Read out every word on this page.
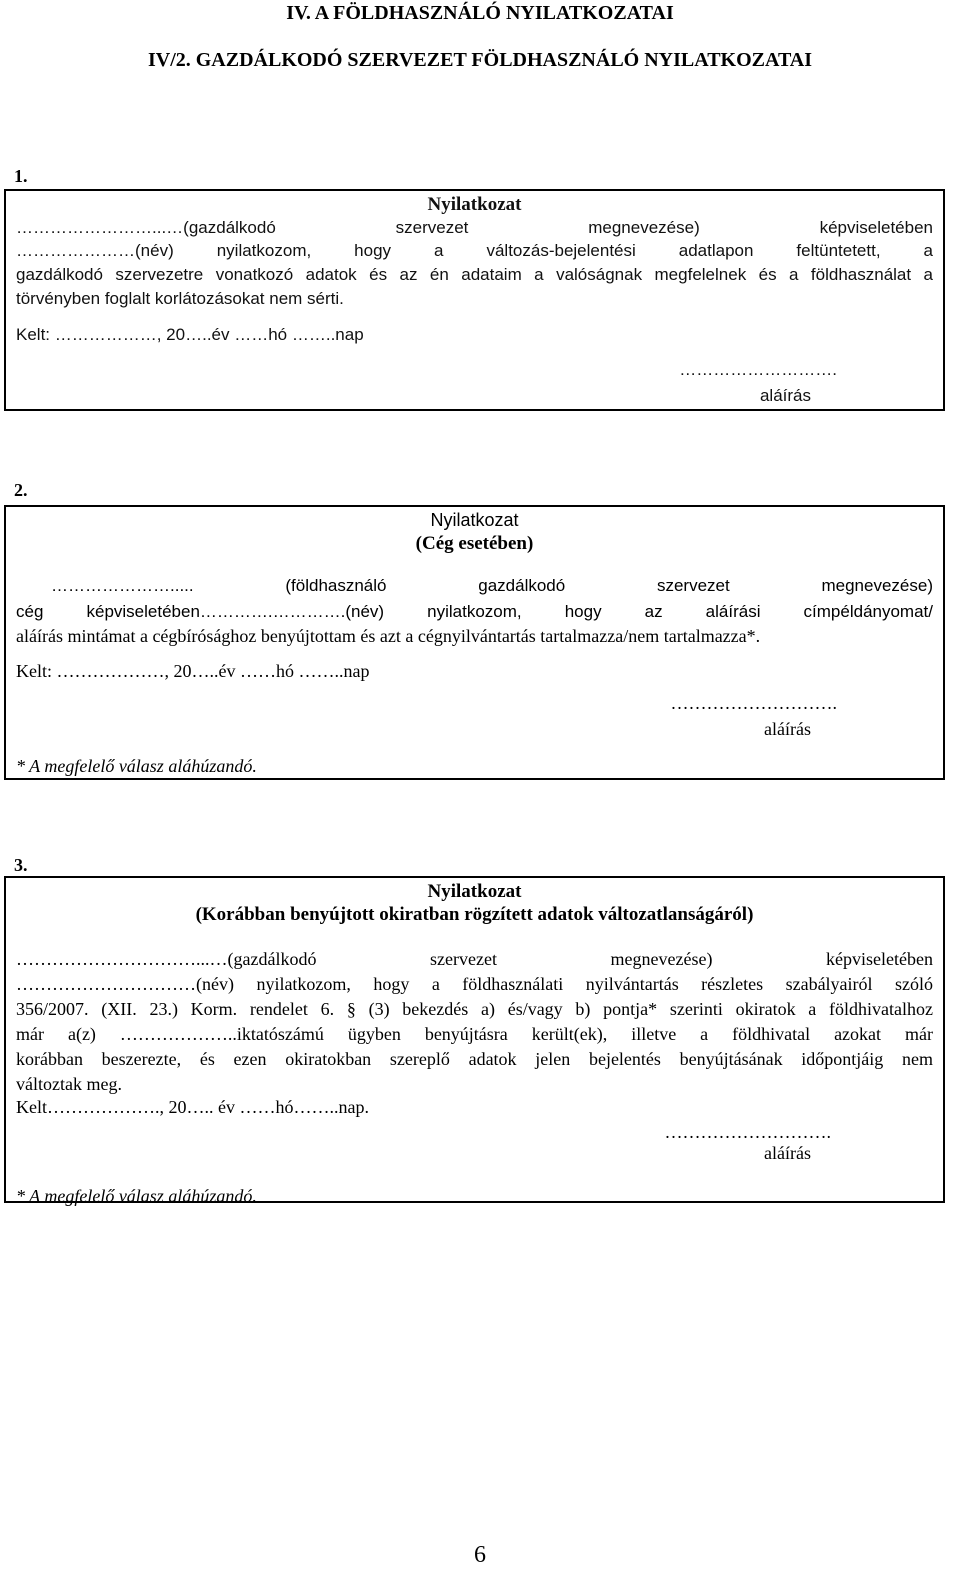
IV. A FÖLDHASZNÁLÓ NYILATKOZATAI
IV/2. GAZDÁLKODÓ SZERVEZET FÖLDHASZNÁLÓ NYILATKOZATAI
1.
Nyilatkozat
……………………...…(gazdálkodó szervezet megnevezése) képviseletében
…………………(név) nyilatkozom, hogy a változás-bejelentési adatlapon feltüntetett, a
gazdálkodó szervezetre vonatkozó adatok és az én adataim a valóságnak megfelelnek és a földhasználat a
törvényben foglalt korlátozásokat nem sérti.
Kelt: ………………, 20…..év ……hó ……..nap
……………………….
aláírás
2.
Nyilatkozat
(Cég esetében)
…………………..... (földhasználó gazdálkodó szervezet megnevezése)
cég képviseletében………….………….(név) nyilatkozom, hogy az aláírási címpéldányomat/
aláírás mintámat a cégbírósághoz benyújtottam és azt a cégnyilvántartás tartalmazza/nem tartalmazza*.
Kelt: ………………, 20…..év ……hó ……..nap
……………………….
aláírás
* A megfelelő válasz aláhúzandó.
3.
Nyilatkozat
(Korábban benyújtott okiratban rögzített adatok változatlanságáról)
…………………………...…(gazdálkodó szervezet megnevezése) képviseletében
…………………………(név) nyilatkozom, hogy a földhasználati nyilvántartás részletes szabályairól szóló
356/2007. (XII. 23.) Korm. rendelet 6. § (3) bekezdés a) és/vagy b) pontja* szerinti okiratok a földhivatalhoz
már a(z) ………………..iktatószámú ügyben benyújtásra került(ek), illetve a földhivatal azokat már
korábban beszerezte, és ezen okiratokban szereplő adatok jelen bejelentés benyújtásának időpontjáig nem
változtak meg.
Kelt………………., 20….. év ……hó……..nap.
……………………….
aláírás
* A megfelelő válasz aláhúzandó.
6
